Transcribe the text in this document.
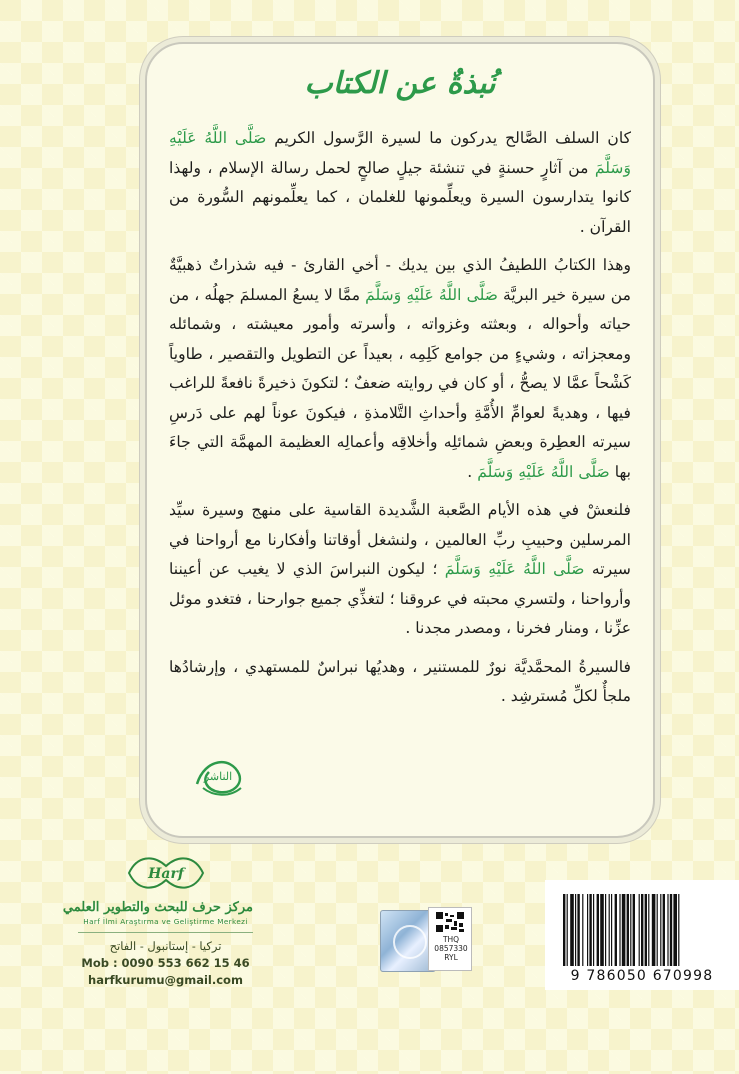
نُبذةٌ عن الكتاب

كان السلف الصَّالح يدركون ما لسيرة الرَّسول الكريم صَلَّى اللَّهُ عَلَيْهِ وَسَلَّمَ من آثارٍ حسنةٍ في تنشئة جيلٍ صالحٍ لحمل رسالة الإسلام ، ولهذا كانوا يتدارسون السيرة ويعلِّمونها للغلمان ، كما يعلِّمونهم السُّورة من القرآن .

وهذا الكتابُ اللطيفُ الذي بين يديك - أخي القارئ - فيه شذراتٌ ذهبيَّةٌ من سيرة خير البريَّة صَلَّى اللَّهُ عَلَيْهِ وَسَلَّمَ ممَّا لا يسعُ المسلمَ جهلُه ، من حياته وأحواله ، وبعثته وغزواته ، وأسرته وأمور معيشته ، وشمائله ومعجزاته ، وشيءٍ من جوامع كَلِمِه ، بعيداً عن التطويل والتقصير ، طاوياً كَشْحاً عمَّا لا يصحُّ ، أو كان في روايته ضعفٌ ؛ لتكونَ ذخيرةً نافعةً للراغب فيها ، وهديةً لعوامِّ الأُمَّةِ وأحداثِ التَّلامذةِ ، فيكونَ عوناً لهم على دَرسِ سيرته العطِرة وبعضِ شمائلِه وأخلاقِه وأعمالِه العظيمة المهمَّة التي جاءَ بها صَلَّى اللَّهُ عَلَيْهِ وَسَلَّمَ .

فلنعشْ في هذه الأيام الصَّعبة الشَّديدة القاسية على منهج وسيرة سيِّد المرسلين وحبيبِ ربِّ العالمين ، ولنشغل أوقاتنا وأفكارنا مع أرواحنا في سيرته صَلَّى اللَّهُ عَلَيْهِ وَسَلَّمَ ؛ ليكون النبراسَ الذي لا يغيب عن أعيننا وأرواحنا ، ولتسري محبته في عروقنا ؛ لتغذِّي جميع جوارحنا ، فتغدو موئل عزِّنا ، ومنار فخرنا ، ومصدر مجدنا .

فالسيرةُ المحمَّديَّة نورٌ للمستنير ، وهديُها نبراسٌ للمستهدي ، وإرشادُها ملجأٌ لكلِّ مُسترشِد .

الناشر
Harf
مركز حرف للبحث والتطوير العلمي
Harf İlmi Araştırma ve Geliştirme Merkezi
تركيا - إستانبول - الفاتح
Mob : 0090 553 662 15 46
harfkurumu@gmail.com
THQ
0857330
RYL
9 786050 670998
